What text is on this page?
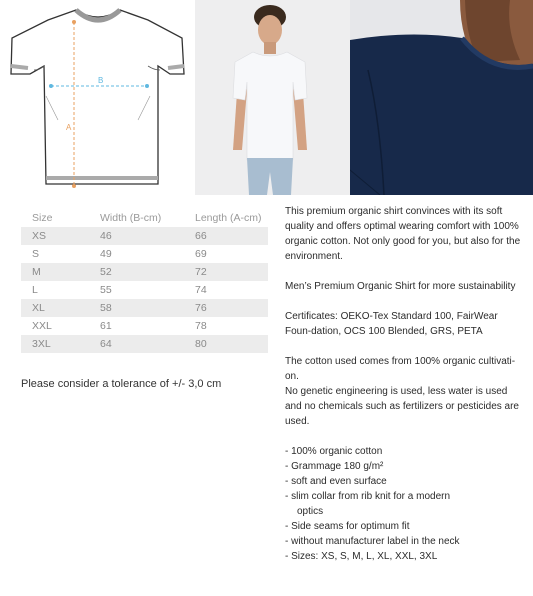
B
A
Size	Width (B-cm)	Length (A-cm)
XS	46	66
S	49	69
M	52	72
L	55	74
XL	58	76
XXL	61	78
3XL	64	80
Please consider a tolerance of +/- 3,0 cm

This premium organic shirt convinces with its soft quality and offers optimal wearing comfort with 100% organic cotton. Not only good for you, but also for the environment.

Men’s Premium Organic Shirt for more sustainability

Certificates: OEKO-Tex Standard 100, FairWear Foun-dation, OCS 100 Blended, GRS, PETA

The cotton used comes from 100% organic cultivati-on.

No genetic engineering is used, less water is used and no chemicals such as fertilizers or pesticides are used.

- 100% organic cotton
- Grammage 180 g/m²
- soft and even surface
- slim collar from rib knit for a modern
optics
- Side seams for optimum fit
- without manufacturer label in the neck
- Sizes: XS, S, M, L, XL, XXL, 3XL
